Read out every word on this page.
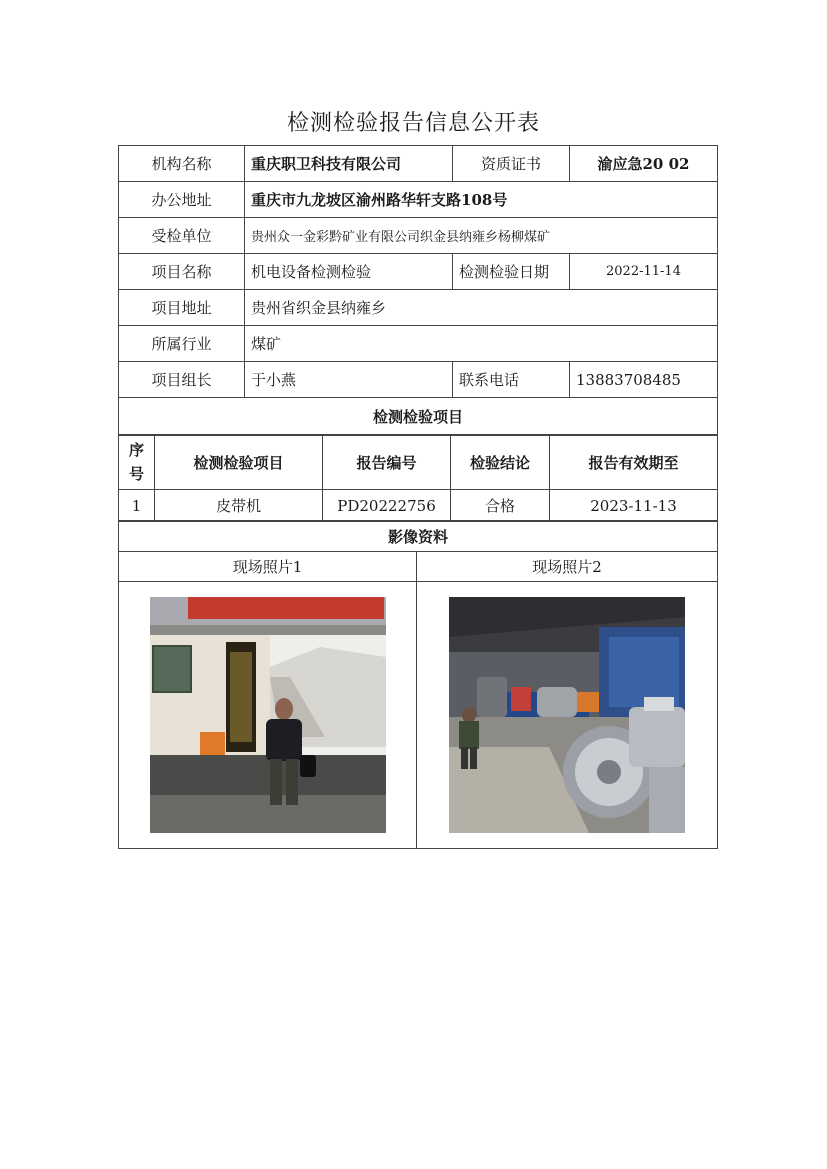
检测检验报告信息公开表
机构名称	重庆职卫科技有限公司	资质证书	渝应急20 02
办公地址	重庆市九龙坡区渝州路华轩支路108号		
受检单位	贵州众一金彩黔矿业有限公司织金县纳雍乡杨柳煤矿		
项目名称	机电设备检测检验	检测检验日期	2022-11-14
项目地址	贵州省织金县纳雍乡		
所属行业	煤矿		
项目组长	于小燕	联系电话	13883708485
检测检验项目			
序号	检测检验项目	报告编号	检验结论	报告有效期至
1	皮带机	PD20222756	合格	2023-11-13
影像资料	
现场照片1	现场照片2
